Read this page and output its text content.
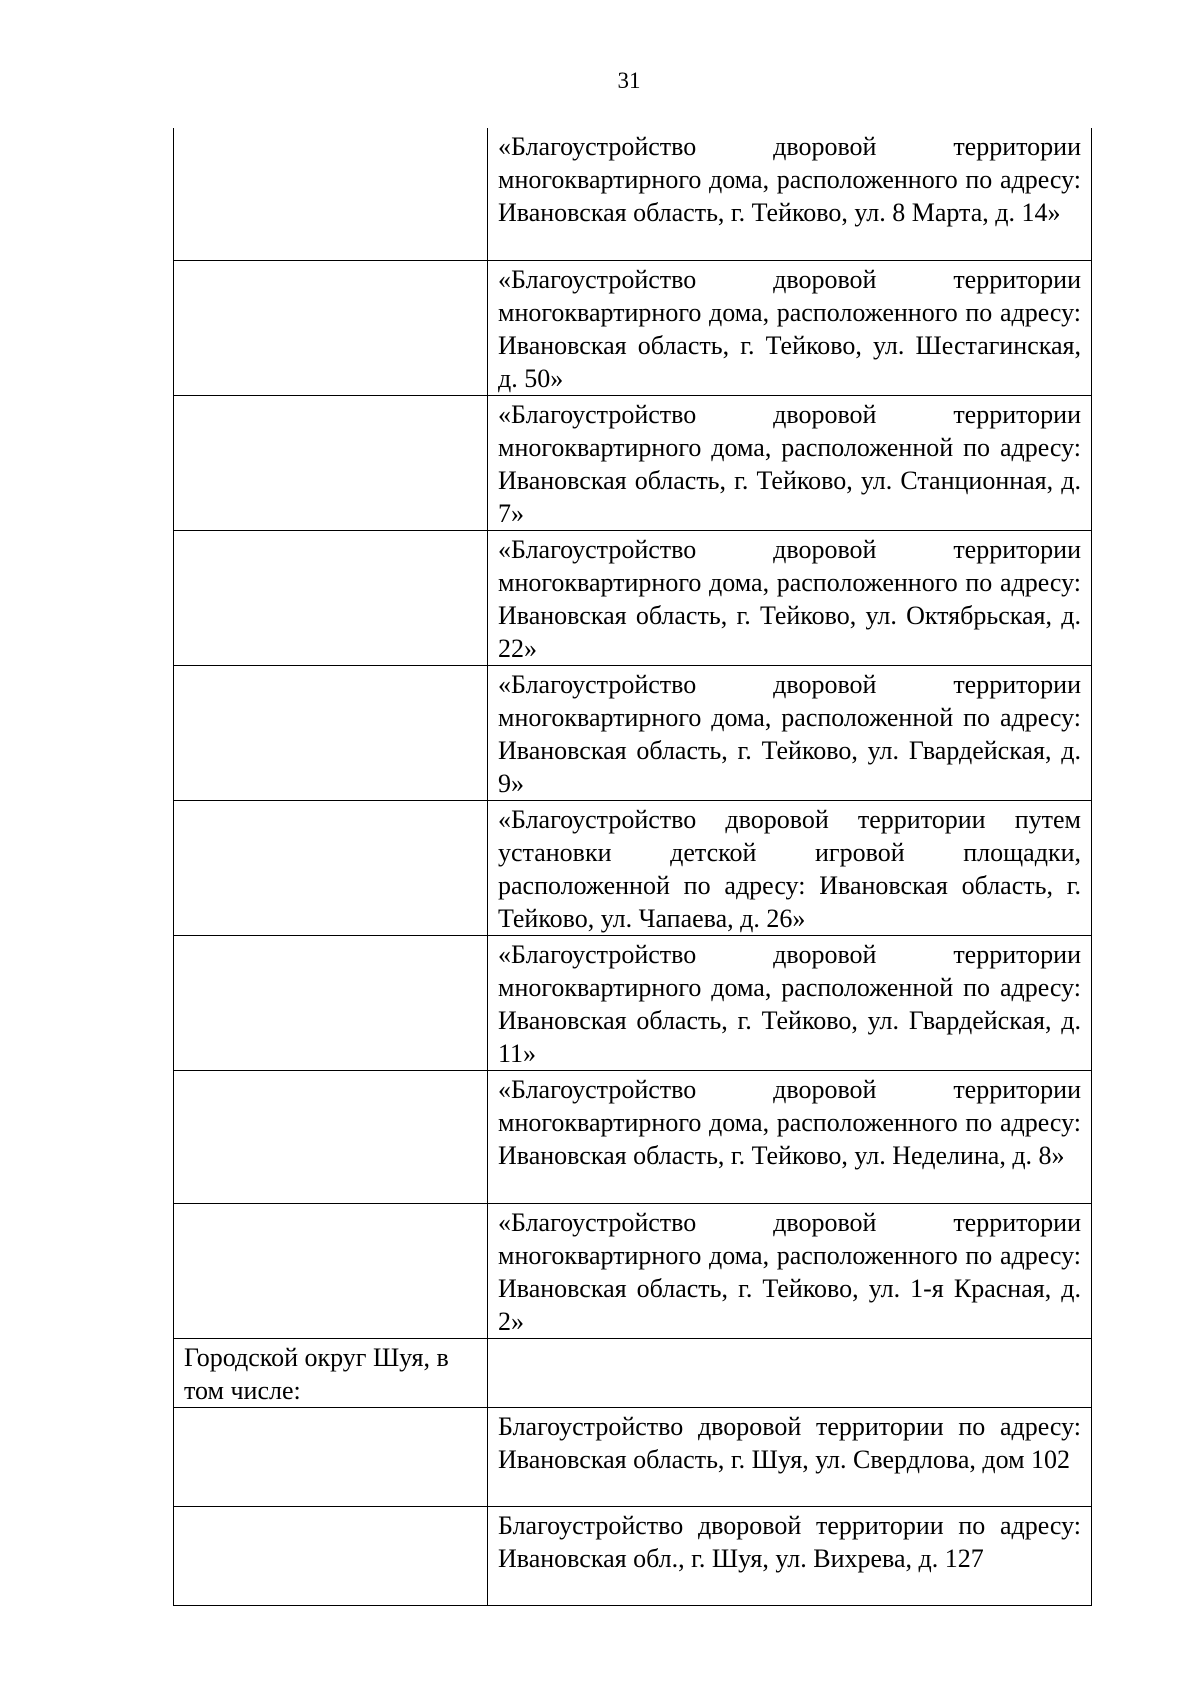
31
	«Благоустройство дворовой территории многоквартирного дома, расположенного по адресу: Ивановская область, г. Тейково, ул. 8 Марта, д. 14»
	«Благоустройство дворовой территории многоквартирного дома, расположенного по адресу: Ивановская область, г. Тейково, ул. Шестагинская, д. 50»
	«Благоустройство дворовой территории многоквартирного дома, расположенной по адресу: Ивановская область, г. Тейково, ул. Станционная, д. 7»
	«Благоустройство дворовой территории многоквартирного дома, расположенного по адресу: Ивановская область, г. Тейково, ул. Октябрьская, д. 22»
	«Благоустройство дворовой территории многоквартирного дома, расположенной по адресу: Ивановская область, г. Тейково, ул. Гвардейская, д. 9»
	«Благоустройство дворовой территории путем установки детской игровой площадки, расположенной по адресу: Ивановская область, г. Тейково, ул. Чапаева, д. 26»
	«Благоустройство дворовой территории многоквартирного дома, расположенной по адресу: Ивановская область, г. Тейково, ул. Гвардейская, д. 11»
	«Благоустройство дворовой территории многоквартирного дома, расположенного по адресу: Ивановская область, г. Тейково, ул. Неделина, д. 8»
	«Благоустройство дворовой территории многоквартирного дома, расположенного по адресу: Ивановская область, г. Тейково, ул. 1-я Красная, д. 2»
Городской округ Шуя, в том числе:	
	Благоустройство дворовой территории по адресу: Ивановская область, г. Шуя, ул. Свердлова, дом 102
	Благоустройство дворовой территории по адресу: Ивановская обл., г. Шуя, ул. Вихрева, д. 127
